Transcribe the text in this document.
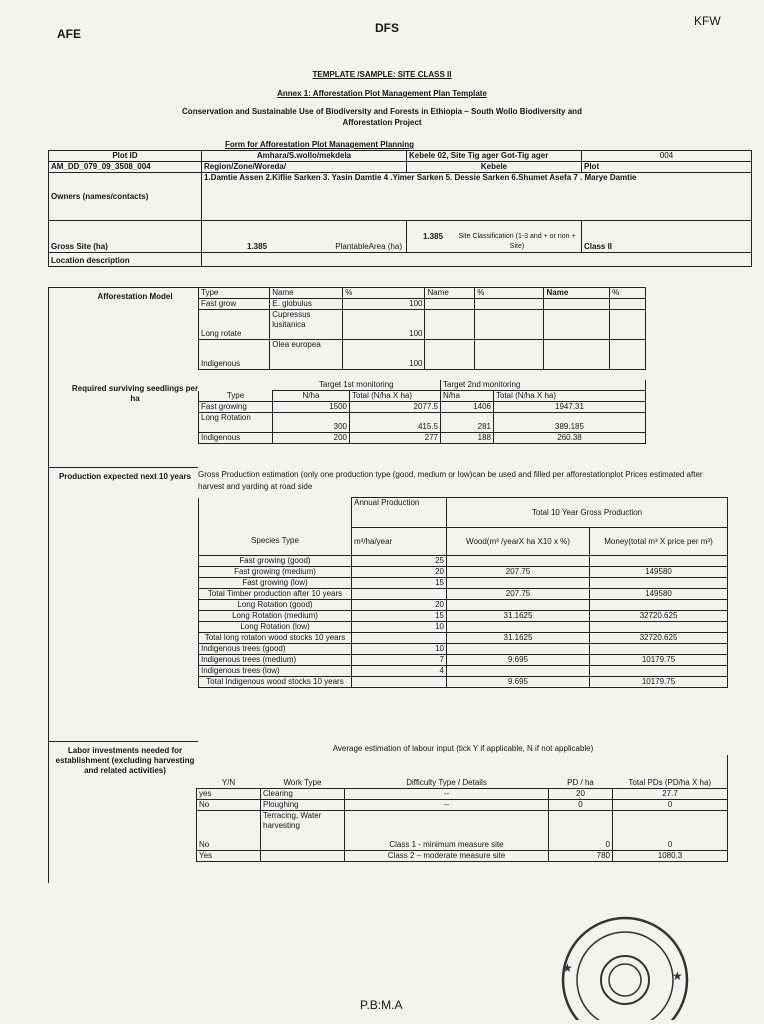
AFE	DFS	KFW
TEMPLATE /SAMPLE: SITE CLASS II
Annex 1: Afforestation Plot Management Plan Template
Conservation and Sustainable Use of Biodiversity and Forests in Ethiopia – South Wollo Biodiversity and
Afforestation Project
Form for Afforestation Plot Management Planning
Plot ID	Amhara/S.wollo/mekdela	Kebele 02, Site Tig ager Got-Tig ager	004
AM_DD_079_09_3508_004	Region/Zone/Woreda/	Kebele	Plot
Owners (names/contacts)	1.Damtie Assen 2.Kiflie Sarken 3. Yasin Damtie 4 .Yimer Sarken 5. Dessie Sarken 6.Shumet Asefa 7 . Marye Damtie		
Gross Site (ha)	1.385 PlantableArea (ha)	1.385 Site Classification (1-3 and + or non + Site)	Class II
Location description			
Afforestation Model
Required surviving seedlings per ha
Production expected next 10 years
Labor investments needed for establishment (excluding harvesting and related activities)
Type	Name	%	Name	%	Name	%
Fast grow	E. globulus	100				
Long rotate	Cupressus lusitanica	100				
Indigenous	Olea europea	100				
	Target 1st monitoring		Target 2nd monitoring	
Type	N/ha	Total (N/ha X ha)	N/ha	Total (N/ha X ha)
Fast growing	1500	2077.5	1406	1947.31
Long Rotation	300	415.5	281	389.185
Indigenous	200	277	188	260.38
Gross Production estimation (only one production type (good, medium or low)can be used and filled per afforestationplot Prices estimated after harvest and yarding at road side
	Annual Production	Total 10 Year Gross Production	
Species Type	m³/ha/year	Wood(m³ /yearX ha X10 x %)	Money(total m³ X price per m³)
Fast growing (good)	25		
Fast growing (medium)	20	207.75	149580
Fast growing (low)	15		
Total Timber production after 10 years		207.75	149580
Long Rotation (good)	20		
Long Rotation (medium)	15	31.1625	32720.625
Long Rotation (low)	10		
Total long rotaton wood stocks 10 years		31.1625	32720.625
Indigenous trees (good)	10		
Indigenous trees (medium)	7	9.695	10179.75
Indigenous trees (low)	4		
Total Indigenous wood stocks 10 years		9.695	10179.75
Average estimation of labour input (tick Y if applicable, N if not applicable)
Y/N	Work Type	Difficulty Type / Details	PD / ha	Total PDs (PD/ha X ha)
yes	Clearing	--	20	27.7
No	Ploughing	--	0	0
No	Terracing, Water harvesting	Class 1 - minimum measure site	0	0
Yes		Class 2 – moderate measure site	780	1080.3
★
★
P.B:M.A
